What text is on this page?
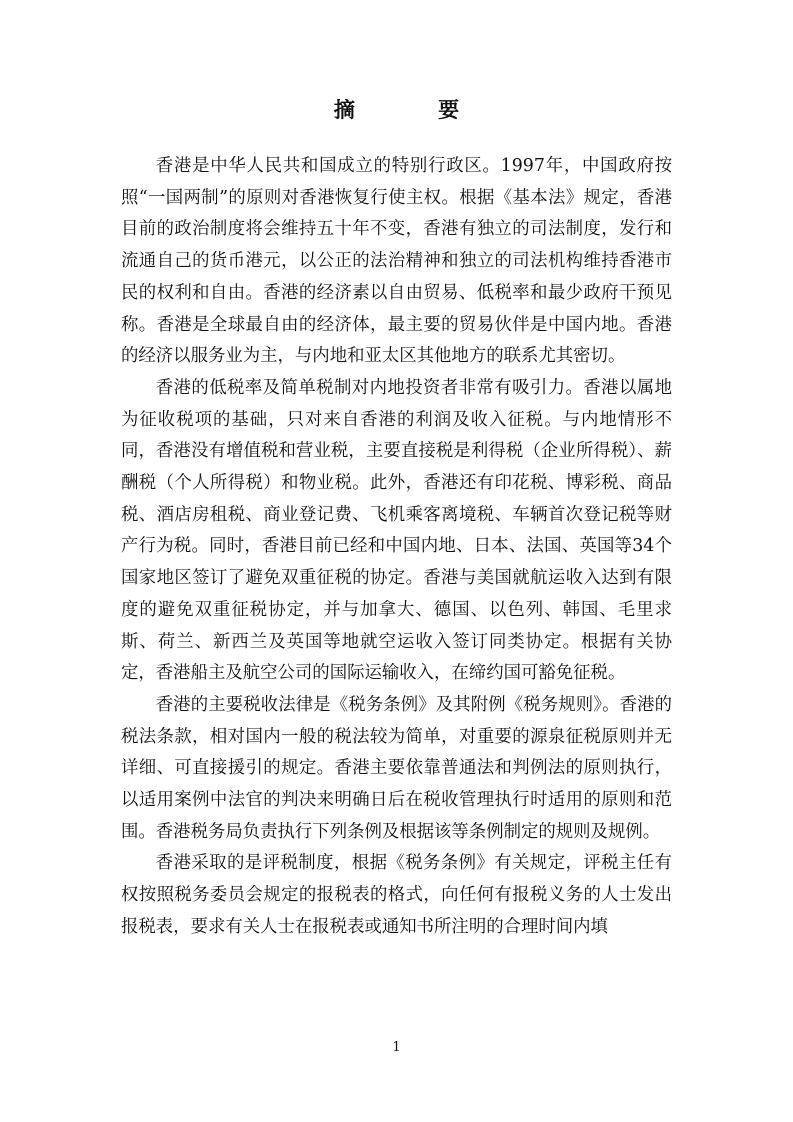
摘 要

香港是中华人民共和国成立的特别行政区。1997年，中国政府按照“一国两制”的原则对香港恢复行使主权。根据《基本法》规定，香港目前的政治制度将会维持五十年不变，香港有独立的司法制度，发行和流通自己的货币港元，以公正的法治精神和独立的司法机构维持香港市民的权利和自由。香港的经济素以自由贸易、低税率和最少政府干预见称。香港是全球最自由的经济体，最主要的贸易伙伴是中国内地。香港的经济以服务业为主，与内地和亚太区其他地方的联系尤其密切。

香港的低税率及简单税制对内地投资者非常有吸引力。香港以属地为征收税项的基础，只对来自香港的利润及收入征税。与内地情形不同，香港没有增值税和营业税，主要直接税是利得税（企业所得税）、薪酬税（个人所得税）和物业税。此外，香港还有印花税、博彩税、商品税、酒店房租税、商业登记费、飞机乘客离境税、车辆首次登记税等财产行为税。同时，香港目前已经和中国内地、日本、法国、英国等34个国家地区签订了避免双重征税的协定。香港与美国就航运收入达到有限度的避免双重征税协定，并与加拿大、德国、以色列、韩国、毛里求斯、荷兰、新西兰及英国等地就空运收入签订同类协定。根据有关协定，香港船主及航空公司的国际运输收入，在缔约国可豁免征税。

香港的主要税收法律是《税务条例》及其附例《税务规则》。香港的税法条款，相对国内一般的税法较为简单，对重要的源泉征税原则并无详细、可直接援引的规定。香港主要依靠普通法和判例法的原则执行，以适用案例中法官的判决来明确日后在税收管理执行时适用的原则和范围。香港税务局负责执行下列条例及根据该等条例制定的规则及规例。

香港采取的是评税制度，根据《税务条例》有关规定，评税主任有权按照税务委员会规定的报税表的格式，向任何有报税义务的人士发出报税表，要求有关人士在报税表或通知书所注明的合理时间内填

1
